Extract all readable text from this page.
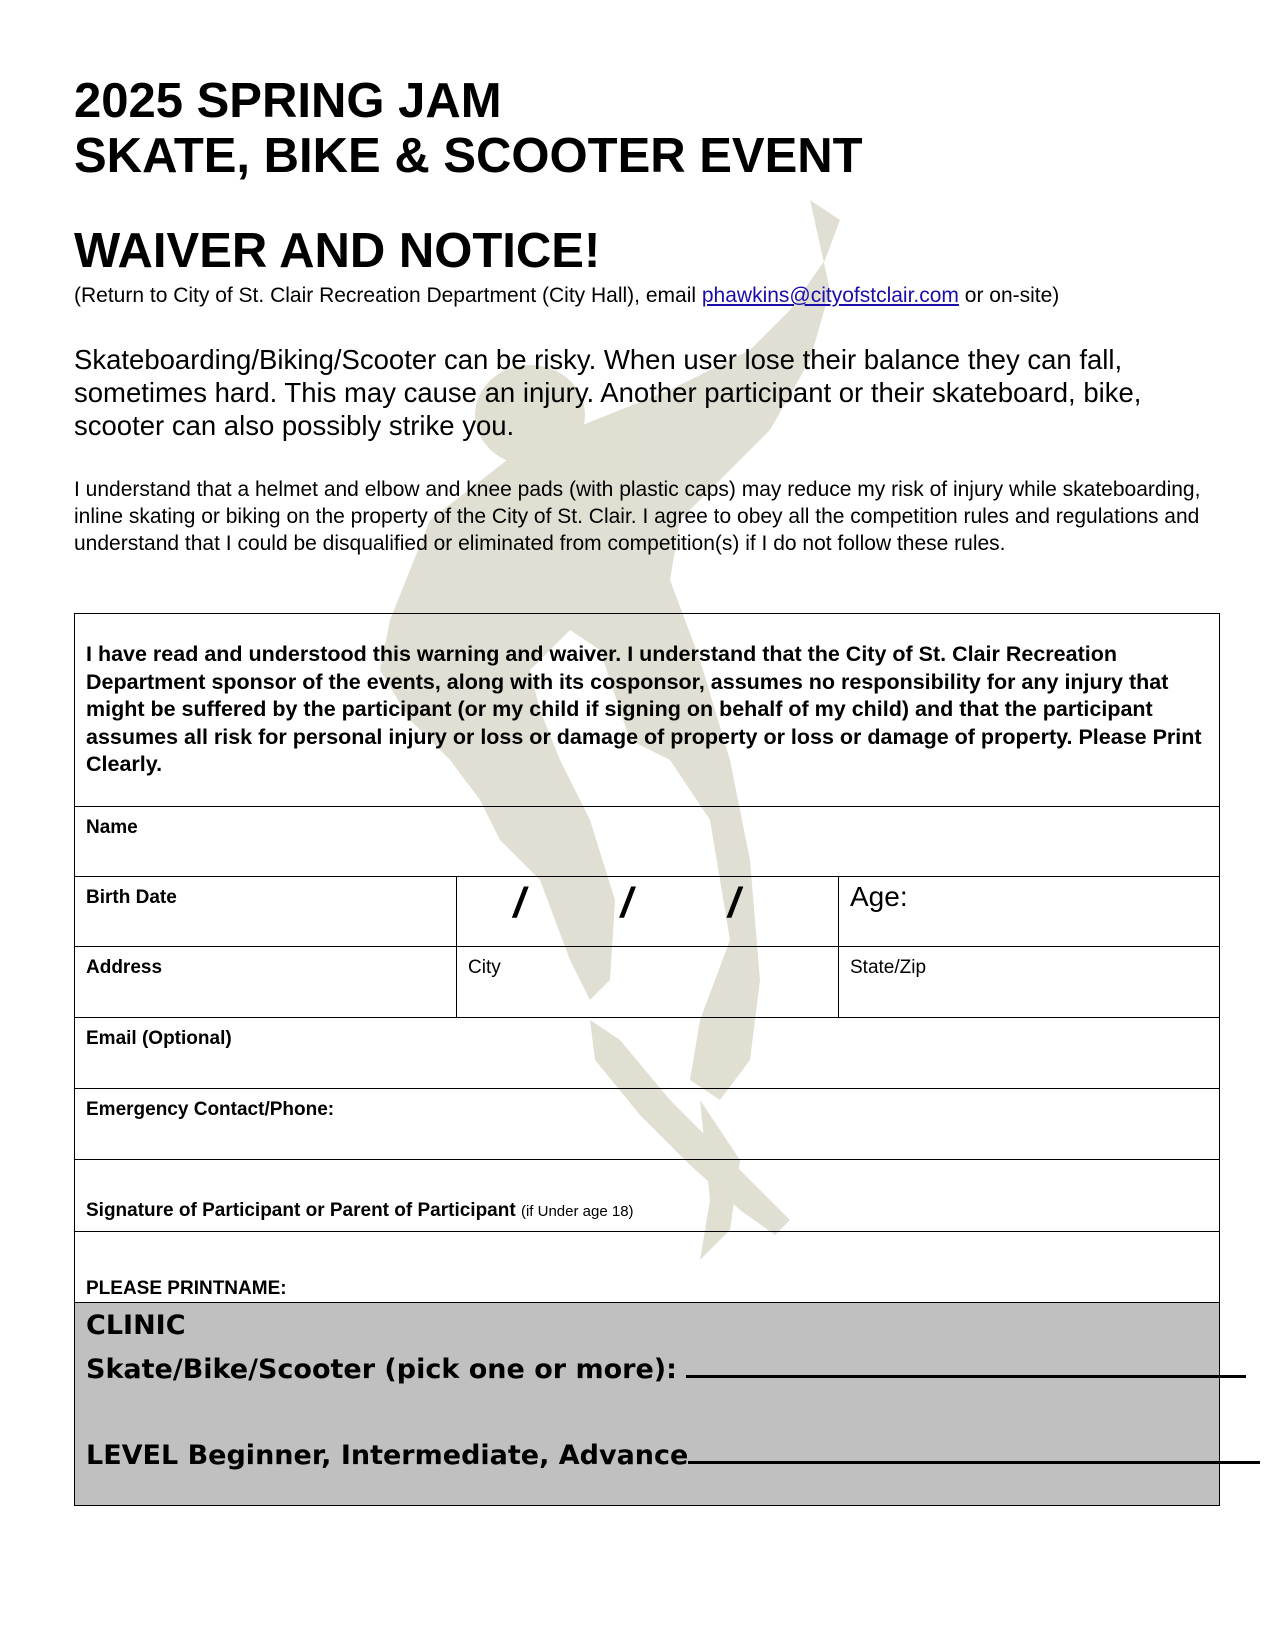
2025 SPRING JAM
SKATE, BIKE & SCOOTER EVENT
WAIVER AND NOTICE!
(Return to City of St. Clair Recreation Department (City Hall), email phawkins@cityofstclair.com or on-site)

Skateboarding/Biking/Scooter can be risky. When user lose their balance they can fall, sometimes hard. This may cause an injury. Another participant or their skateboard, bike, scooter can also possibly strike you.

I understand that a helmet and elbow and knee pads (with plastic caps) may reduce my risk of injury while skateboarding, inline skating or biking on the property of the City of St. Clair. I agree to obey all the competition rules and regulations and understand that I could be disqualified or eliminated from competition(s) if I do not follow these rules.

I have read and understood this warning and waiver. I understand that the City of St. Clair Recreation Department sponsor of the events, along with its cosponsor, assumes no responsibility for any injury that might be suffered by the participant (or my child if signing on behalf of my child) and that the participant assumes all risk for personal injury or loss or damage of property or loss or damage of property. Please Print Clearly.
Name
Birth Date	/ / /	Age:
Address	City	State/Zip
Email (Optional)
Emergency Contact/Phone:
Signature of Participant or Parent of Participant (if Under age 18)
PLEASE PRINTNAME:
CLINIC
Skate/Bike/Scooter (pick one or more):
LEVEL Beginner, Intermediate, Advance
